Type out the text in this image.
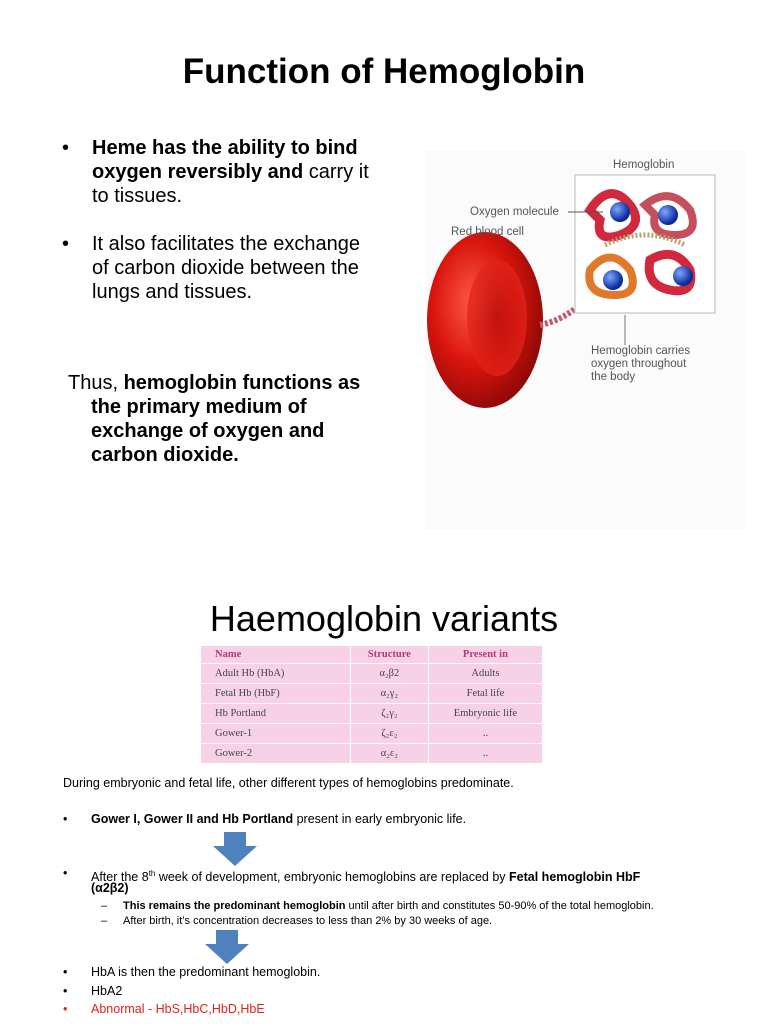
Function of Hemoglobin
• Heme has the ability to bind oxygen reversibly and carry it to tissues.
• It also facilitates the exchange of carbon dioxide between the lungs and tissues.
Thus, hemoglobin functions as the primary medium of exchange of oxygen and carbon dioxide.
Hemoglobin
Oxygen molecule
Red blood cell
Hemoglobin carries oxygen throughout the body
Haemoglobin variants
Name	Structure	Present in
Adult Hb (HbA)	α₂β2	Adults
Fetal Hb (HbF)	α₂γ₂	Fetal life
Hb Portland	ζ₂γ₂	Embryonic life
Gower-1	ζ₂ε₂	..
Gower-2	α₂ε₂	..
During embryonic and fetal life, other different types of hemoglobins predominate.
• Gower I, Gower II and Hb Portland present in early embryonic life.
• After the 8th week of development, embryonic hemoglobins are replaced by Fetal hemoglobin HbF
(α2β2)
– This remains the predominant hemoglobin until after birth and constitutes 50-90% of the total hemoglobin.
– After birth, it’s concentration decreases to less than 2% by 30 weeks of age.
• HbA is then the predominant hemoglobin.
• HbA2
• Abnormal - HbS,HbC,HbD,HbE
